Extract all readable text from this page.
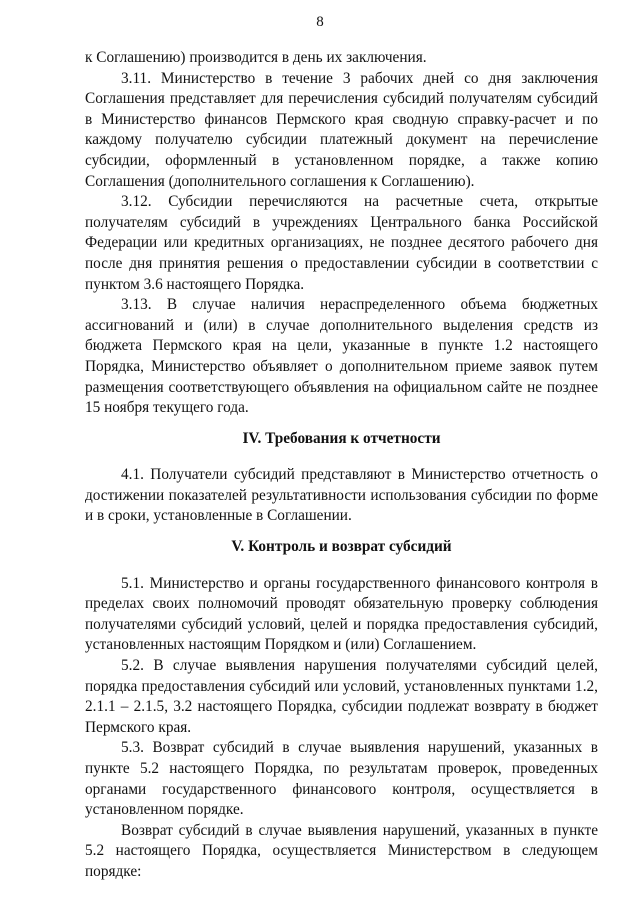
8

к Соглашению) производится в день их заключения.

3.11. Министерство в течение 3 рабочих дней со дня заключения Соглашения представляет для перечисления субсидий получателям субсидий в Министерство финансов Пермского края сводную справку-расчет и по каждому получателю субсидии платежный документ на перечисление субсидии, оформленный в установленном порядке, а также копию Соглашения (дополнительного соглашения к Соглашению).

3.12. Субсидии перечисляются на расчетные счета, открытые получателям субсидий в учреждениях Центрального банка Российской Федерации или кредитных организациях, не позднее десятого рабочего дня после дня принятия решения о предоставлении субсидии в соответствии с пунктом 3.6 настоящего Порядка.

3.13. В случае наличия нераспределенного объема бюджетных ассигнований и (или) в случае дополнительного выделения средств из бюджета Пермского края на цели, указанные в пункте 1.2 настоящего Порядка, Министерство объявляет о дополнительном приеме заявок путем размещения соответствующего объявления на официальном сайте не позднее 15 ноября текущего года.

IV. Требования к отчетности

4.1. Получатели субсидий представляют в Министерство отчетность о достижении показателей результативности использования субсидии по форме и в сроки, установленные в Соглашении.

V. Контроль и возврат субсидий

5.1. Министерство и органы государственного финансового контроля в пределах своих полномочий проводят обязательную проверку соблюдения получателями субсидий условий, целей и порядка предоставления субсидий, установленных настоящим Порядком и (или) Соглашением.

5.2. В случае выявления нарушения получателями субсидий целей, порядка предоставления субсидий или условий, установленных пунктами 1.2, 2.1.1 – 2.1.5, 3.2 настоящего Порядка, субсидии подлежат возврату в бюджет Пермского края.

5.3. Возврат субсидий в случае выявления нарушений, указанных в пункте 5.2 настоящего Порядка, по результатам проверок, проведенных органами государственного финансового контроля, осуществляется в установленном порядке.

Возврат субсидий в случае выявления нарушений, указанных в пункте 5.2 настоящего Порядка, осуществляется Министерством в следующем порядке:
